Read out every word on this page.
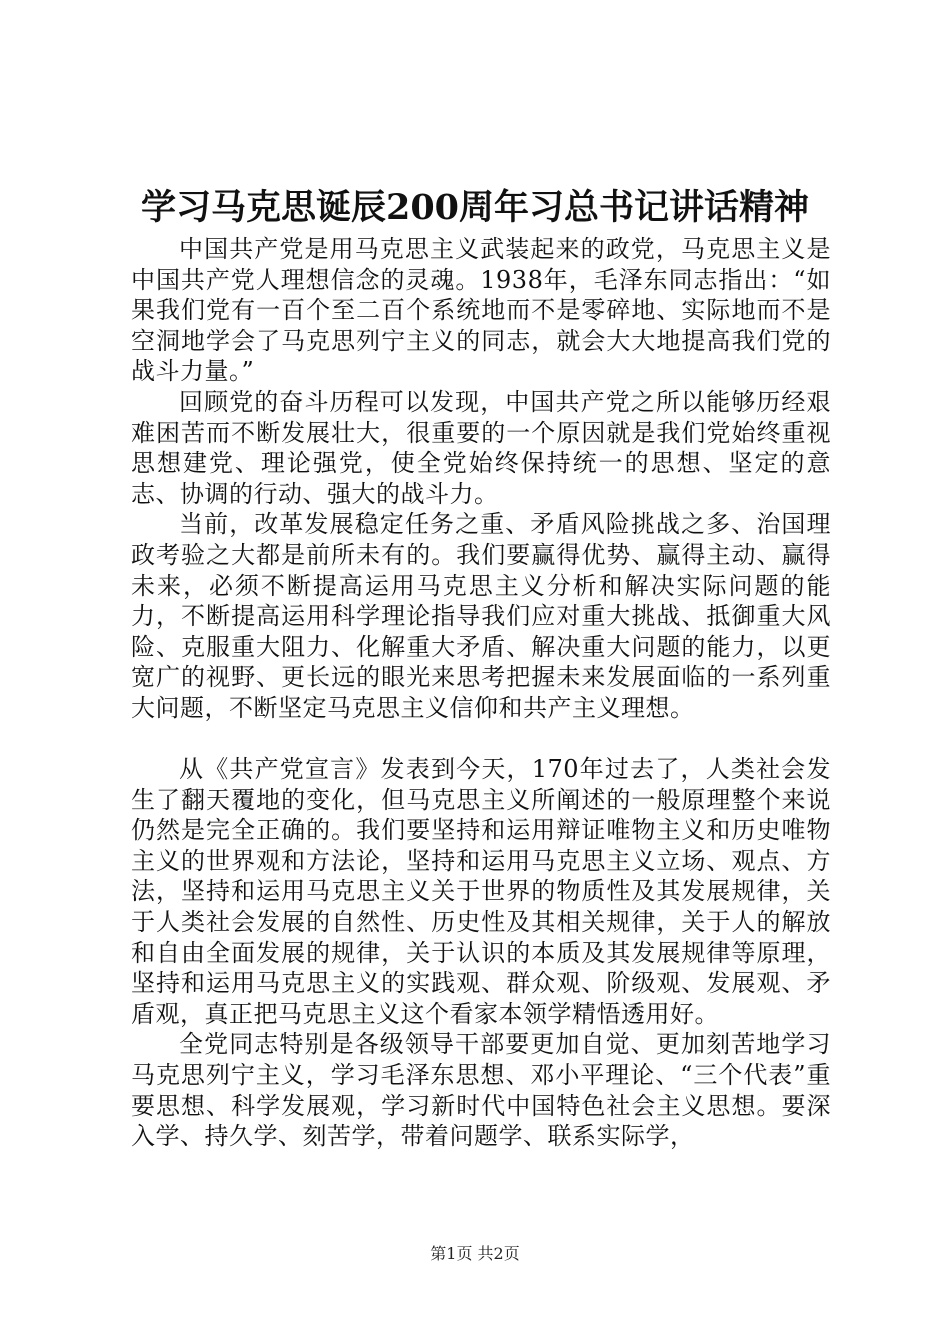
学习马克思诞辰200周年习总书记讲话精神

中国共产党是用马克思主义武装起来的政党，马克思主义是中国共产党人理想信念的灵魂。1938年，毛泽东同志指出：“如果我们党有一百个至二百个系统地而不是零碎地、实际地而不是空洞地学会了马克思列宁主义的同志，就会大大地提高我们党的战斗力量。”

回顾党的奋斗历程可以发现，中国共产党之所以能够历经艰难困苦而不断发展壮大，很重要的一个原因就是我们党始终重视思想建党、理论强党，使全党始终保持统一的思想、坚定的意志、协调的行动、强大的战斗力。

当前，改革发展稳定任务之重、矛盾风险挑战之多、治国理政考验之大都是前所未有的。我们要赢得优势、赢得主动、赢得未来，必须不断提高运用马克思主义分析和解决实际问题的能力，不断提高运用科学理论指导我们应对重大挑战、抵御重大风险、克服重大阻力、化解重大矛盾、解决重大问题的能力，以更宽广的视野、更长远的眼光来思考把握未来发展面临的一系列重大问题，不断坚定马克思主义信仰和共产主义理想。

从《共产党宣言》发表到今天，170年过去了，人类社会发生了翻天覆地的变化，但马克思主义所阐述的一般原理整个来说仍然是完全正确的。我们要坚持和运用辩证唯物主义和历史唯物主义的世界观和方法论，坚持和运用马克思主义立场、观点、方法，坚持和运用马克思主义关于世界的物质性及其发展规律，关于人类社会发展的自然性、历史性及其相关规律，关于人的解放和自由全面发展的规律，关于认识的本质及其发展规律等原理，坚持和运用马克思主义的实践观、群众观、阶级观、发展观、矛盾观，真正把马克思主义这个看家本领学精悟透用好。

全党同志特别是各级领导干部要更加自觉、更加刻苦地学习马克思列宁主义，学习毛泽东思想、邓小平理论、“三个代表”重要思想、科学发展观，学习新时代中国特色社会主义思想。要深入学、持久学、刻苦学，带着问题学、联系实际学，

第1页 共2页
